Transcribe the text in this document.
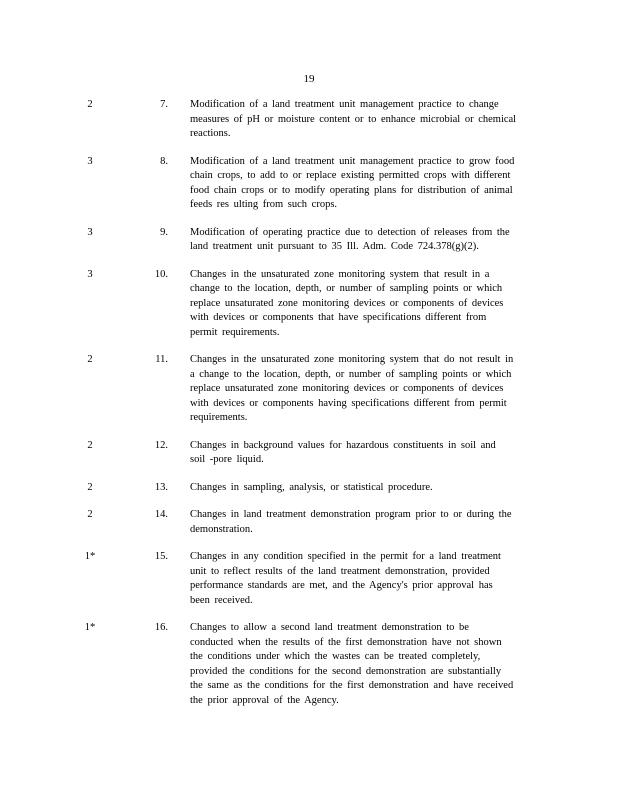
19
2	7. Modification of a land treatment unit management practice to change
measures of pH or moisture content or to enhance microbial or chemical
reactions.
3	8. Modification of a land treatment unit management practice to grow food
chain crops, to add to or replace existing permitted crops with different
food chain crops or to modify operating plans for distribution of animal
feeds res ulting from such crops.
3	9. Modification of operating practice due to detection of releases from the
land treatment unit pursuant to 35 Ill. Adm. Code 724.378(g)(2).
3	10. Changes in the unsaturated zone monitoring system that result in a
change to the location, depth, or number of sampling points or which
replace unsaturated zone monitoring devices or components of devices
with devices or components that have specifications different from
permit requirements.
2	11. Changes in the unsaturated zone monitoring system that do not result in
a change to the location, depth, or number of sampling points or which
replace unsaturated zone monitoring devices or components of devices
with devices or components having specifications different from permit
requirements.
2	12. Changes in background values for hazardous constituents in soil and
soil -pore liquid.
2	13. Changes in sampling, analysis, or statistical procedure.
2	14. Changes in land treatment demonstration program prior to or during the
demonstration.
1*	15. Changes in any condition specified in the permit for a land treatment
unit to reflect results of the land treatment demonstration, provided
performance standards are met, and the Agency's prior approval has
been received.
1*	16. Changes to allow a second land treatment demonstration to be
conducted when the results of the first demonstration have not shown
the conditions under which the wastes can be treated completely,
provided the conditions for the second demonstration are substantially
the same as the conditions for the first demonstration and have received
the prior approval of the Agency.
